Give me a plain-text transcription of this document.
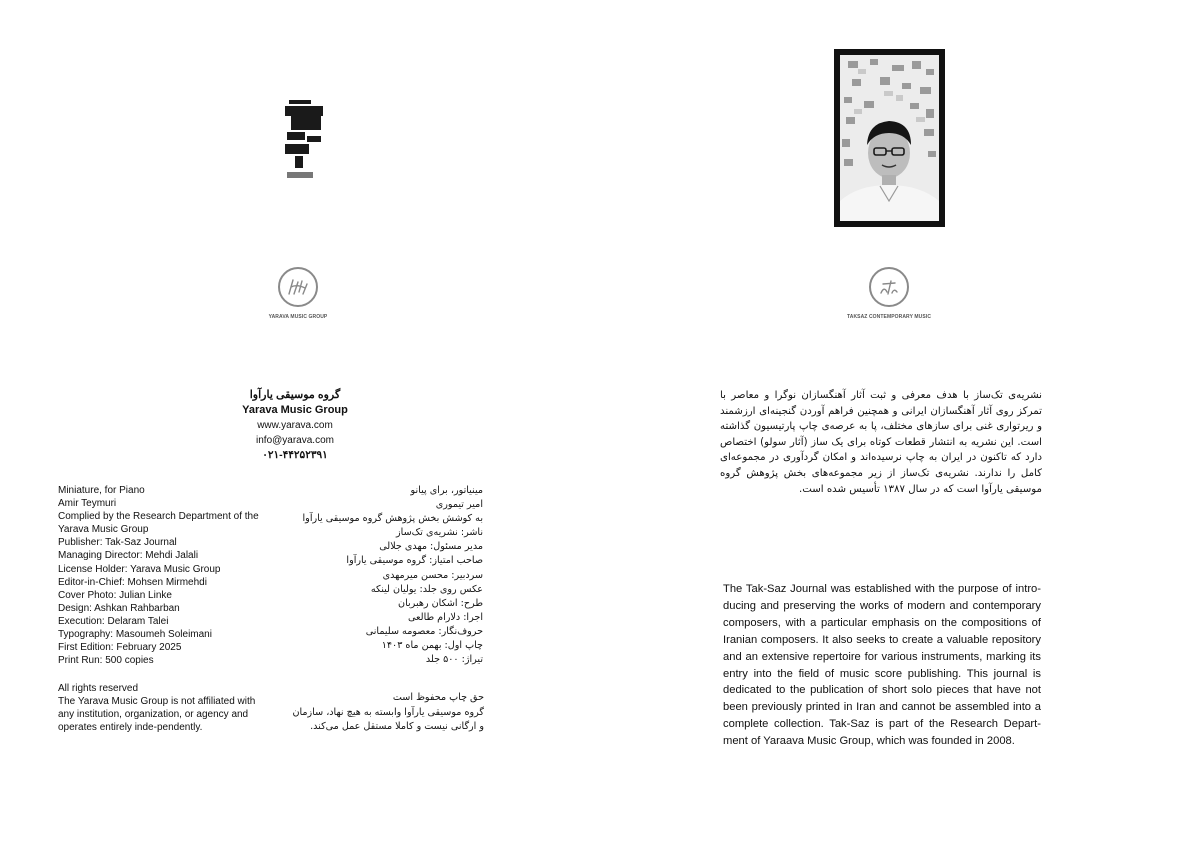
YARAVA MUSIC GROUP
گروه موسیقی یارآوا
Yarava Music Group
www.yarava.com
info@yarava.com
۰۲۱-۴۴۲۵۲۳۹۱
Miniature, for Piano
Amir Teymuri
Complied by the Research Department of the Yarava Music Group
Publisher: Tak-Saz Journal
Managing Director: Mehdi Jalali
License Holder: Yarava Music Group
Editor-in-Chief: Mohsen Mirmehdi
Cover Photo: Julian Linke
Design: Ashkan Rahbarban
Execution: Delaram Talei
Typography: Masoumeh Soleimani
First Edition: February 2025
Print Run: 500 copies
مینیاتور، برای پیانو
امیر تیموری
به کوشش بخش پژوهش گروه موسیقی یارآوا
ناشر: نشریه‌ی تک‌ساز
مدیر مسئول: مهدی جلالی
صاحب امتیاز: گروه موسیقی یارآوا
سردبیر: محسن میرمهدی
عکس روی جلد: یولیان لینکه
طرح: اشکان رهبربان
اجرا: دلارام طالعی
حروف‌نگار: معصومه سلیمانی
چاپ اول: بهمن ماه ۱۴۰۳
تیراژ: ۵۰۰ جلد
All rights reserved
The Yarava Music Group is not affiliated with any institution, organization, or agency and operates entirely inde-pendently.
حق چاپ محفوظ است
گروه موسیقی یارآوا وابسته به هیچ نهاد، سازمان و ارگانی نیست و کاملا مستقل عمل می‌کند.
TAKSAZ CONTEMPORARY MUSIC
نشریه‌ی تک‌ساز با هدف معرفی و ثبت آثار آهنگسازان نوگرا و معاصر با تمرکز روی آثار آهنگسازان ایرانی و همچنین فراهم آوردن گنجینه‌ای ارزشمند و ریرتواری غنی برای سازهای مختلف، پا به عرصه‌ی چاپ پارتیسیون گذاشته است. این نشریه به انتشار قطعات کوتاه برای یک ساز (آثار سولو) اختصاص دارد که تاکنون در ایران به چاپ نرسیده‌اند و امکان گردآوری در مجموعه‌ای کامل را ندارند. نشریه‌ی تک‌ساز از زیر مجموعه‌های بخش پژوهش گروه موسیقی یارآوا است که در سال ۱۳۸۷ تأسیس شده است.
The Tak-Saz Journal was established with the purpose of intro-ducing and preserving the works of modern and contemporary composers, with a particular emphasis on the compositions of Iranian composers. It also seeks to create a valuable repository and an extensive repertoire for various instruments, marking its entry into the field of music score publishing. This journal is dedicated to the publication of short solo pieces that have not been previously printed in Iran and cannot be assembled into a complete collection. Tak-Saz is part of the Research Depart-ment of Yaraava Music Group, which was founded in 2008.
